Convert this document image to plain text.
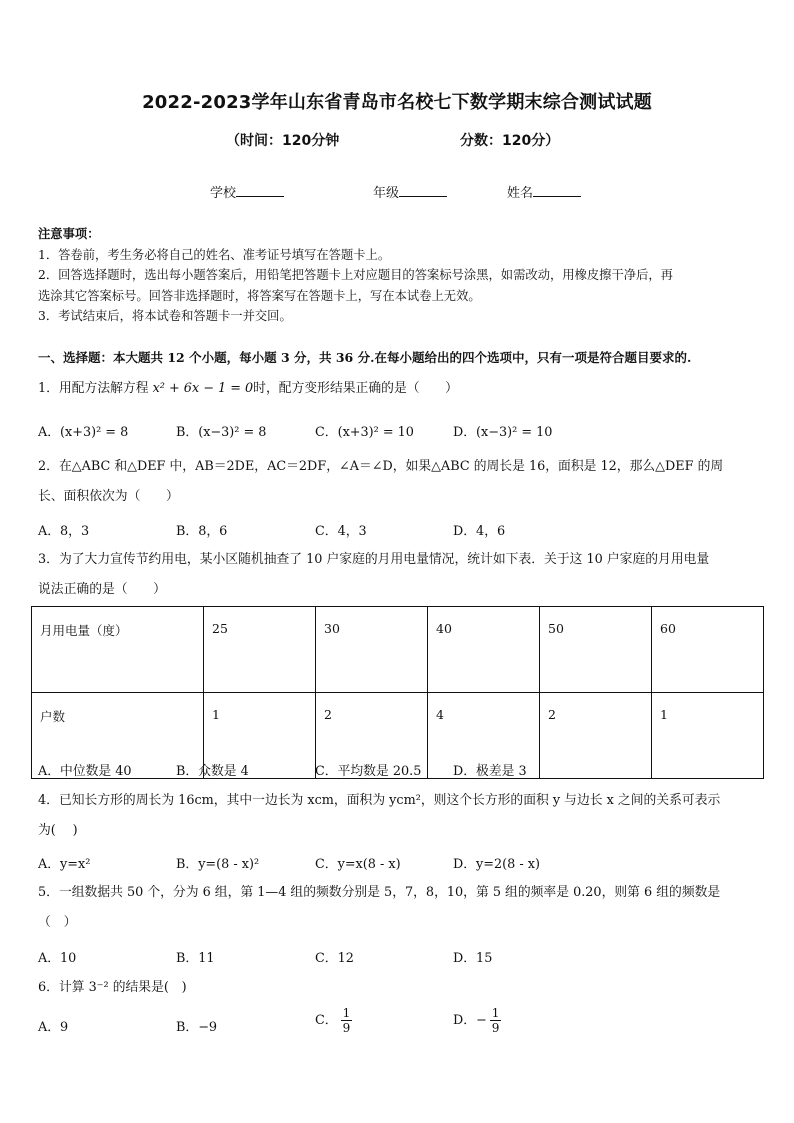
2022-2023学年山东省青岛市名校七下数学期末综合测试试题
（时间：120分钟	分数：120分）
学校	年级	姓名

注意事项：

1．答卷前，考生务必将自己的姓名、准考证号填写在答题卡上。

2．回答选择题时，选出每小题答案后，用铅笔把答题卡上对应题目的答案标号涂黑，如需改动，用橡皮擦干净后，再

选涂其它答案标号。回答非选择题时，将答案写在答题卡上，写在本试卷上无效。

3．考试结束后，将本试卷和答题卡一并交回。

一、选择题：本大题共 12 个小题，每小题 3 分，共 36 分.在每小题给出的四个选项中，只有一项是符合题目要求的.

1．用配方法解方程 x² + 6x − 1 = 0时，配方变形结果正确的是（　　）

A．(x+3)² = 8	B．(x−3)² = 8	C．(x+3)² = 10	D．(x−3)² = 10

2．在△ABC 和△DEF 中，AB＝2DE，AC＝2DF，∠A＝∠D，如果△ABC 的周长是 16，面积是 12，那么△DEF 的周

长、面积依次为（　　）

A．8，3	B．8，6	C．4，3	D．4，6

3．为了大力宣传节约用电，某小区随机抽查了 10 户家庭的月用电量情况，统计如下表．关于这 10 户家庭的月用电量

说法正确的是（　　）

月用电量（度）	25	30	40	50	60
户数	1	2	4	2	1
A．中位数是 40	B．众数是 4	C．平均数是 20.5 D．极差是 3

4．已知长方形的周长为 16cm，其中一边长为 xcm，面积为 ycm²，则这个长方形的面积 y 与边长 x 之间的关系可表示

为(　 )

A．y=x²	B．y=(8 - x)²	C．y=x(8 - x)	D．y=2(8 - x)

5．一组数据共 50 个，分为 6 组，第 1—4 组的频数分别是 5，7，8，10，第 5 组的频率是 0.20，则第 6 组的频数是

（　）

A．10	B．11	C．12	D．15

6．计算 3⁻² 的结果是(　)

A．9	B．−9	C． $\frac{1}{9}$	D．− $\frac{1}{9}$
